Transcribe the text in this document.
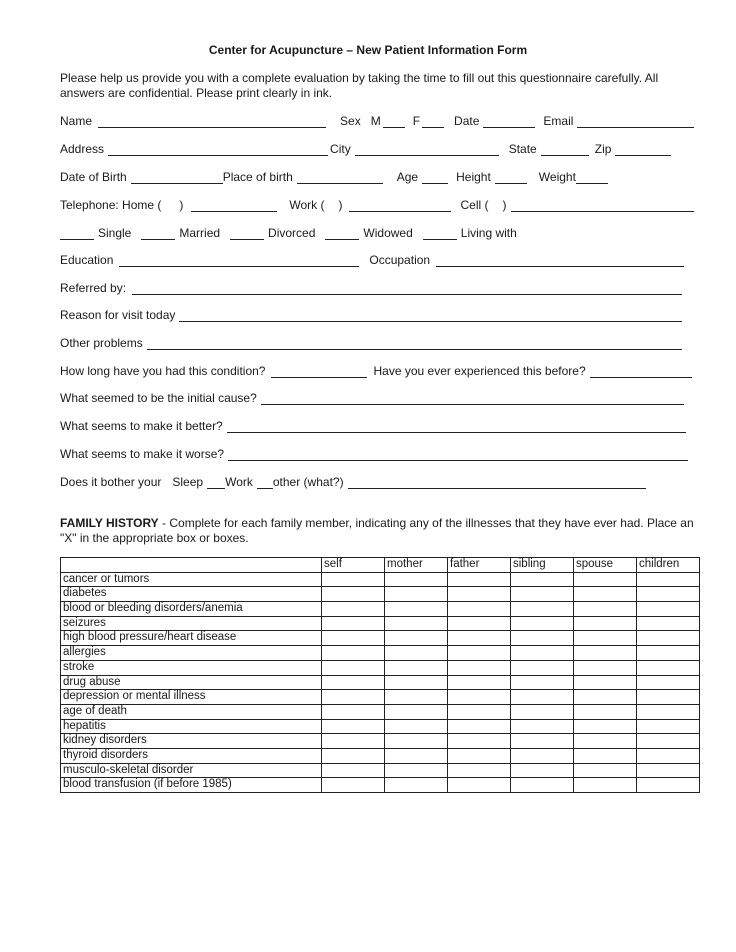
Center for Acupuncture – New Patient Information Form
Please help us provide you with a complete evaluation by taking the time to fill out this questionnaire carefully. All answers are confidential. Please print clearly in ink.
Name	Sex M	F	Date	Email
Address	City	State	Zip
Date of Birth	Place of birth	Age	Height	Weight
Telephone: Home ( )	Work ( )	Cell ( )
Single	Married	Divorced	Widowed	Living with
Education	Occupation
Referred by:
Reason for visit today
Other problems
How long have you had this condition?	Have you ever experienced this before?
What seemed to be the initial cause?
What seems to make it better?
What seems to make it worse?
Does it bother your Sleep Work other (what?)
FAMILY HISTORY - Complete for each family member, indicating any of the illnesses that they have ever had. Place an "X" in the appropriate box or boxes.
	self	mother	father	sibling	spouse	children
cancer or tumors						
diabetes						
blood or bleeding disorders/anemia						
seizures						
high blood pressure/heart disease						
allergies						
stroke						
drug abuse						
depression or mental illness						
age of death						
hepatitis						
kidney disorders						
thyroid disorders						
musculo-skeletal disorder						
blood transfusion (if before 1985)						
